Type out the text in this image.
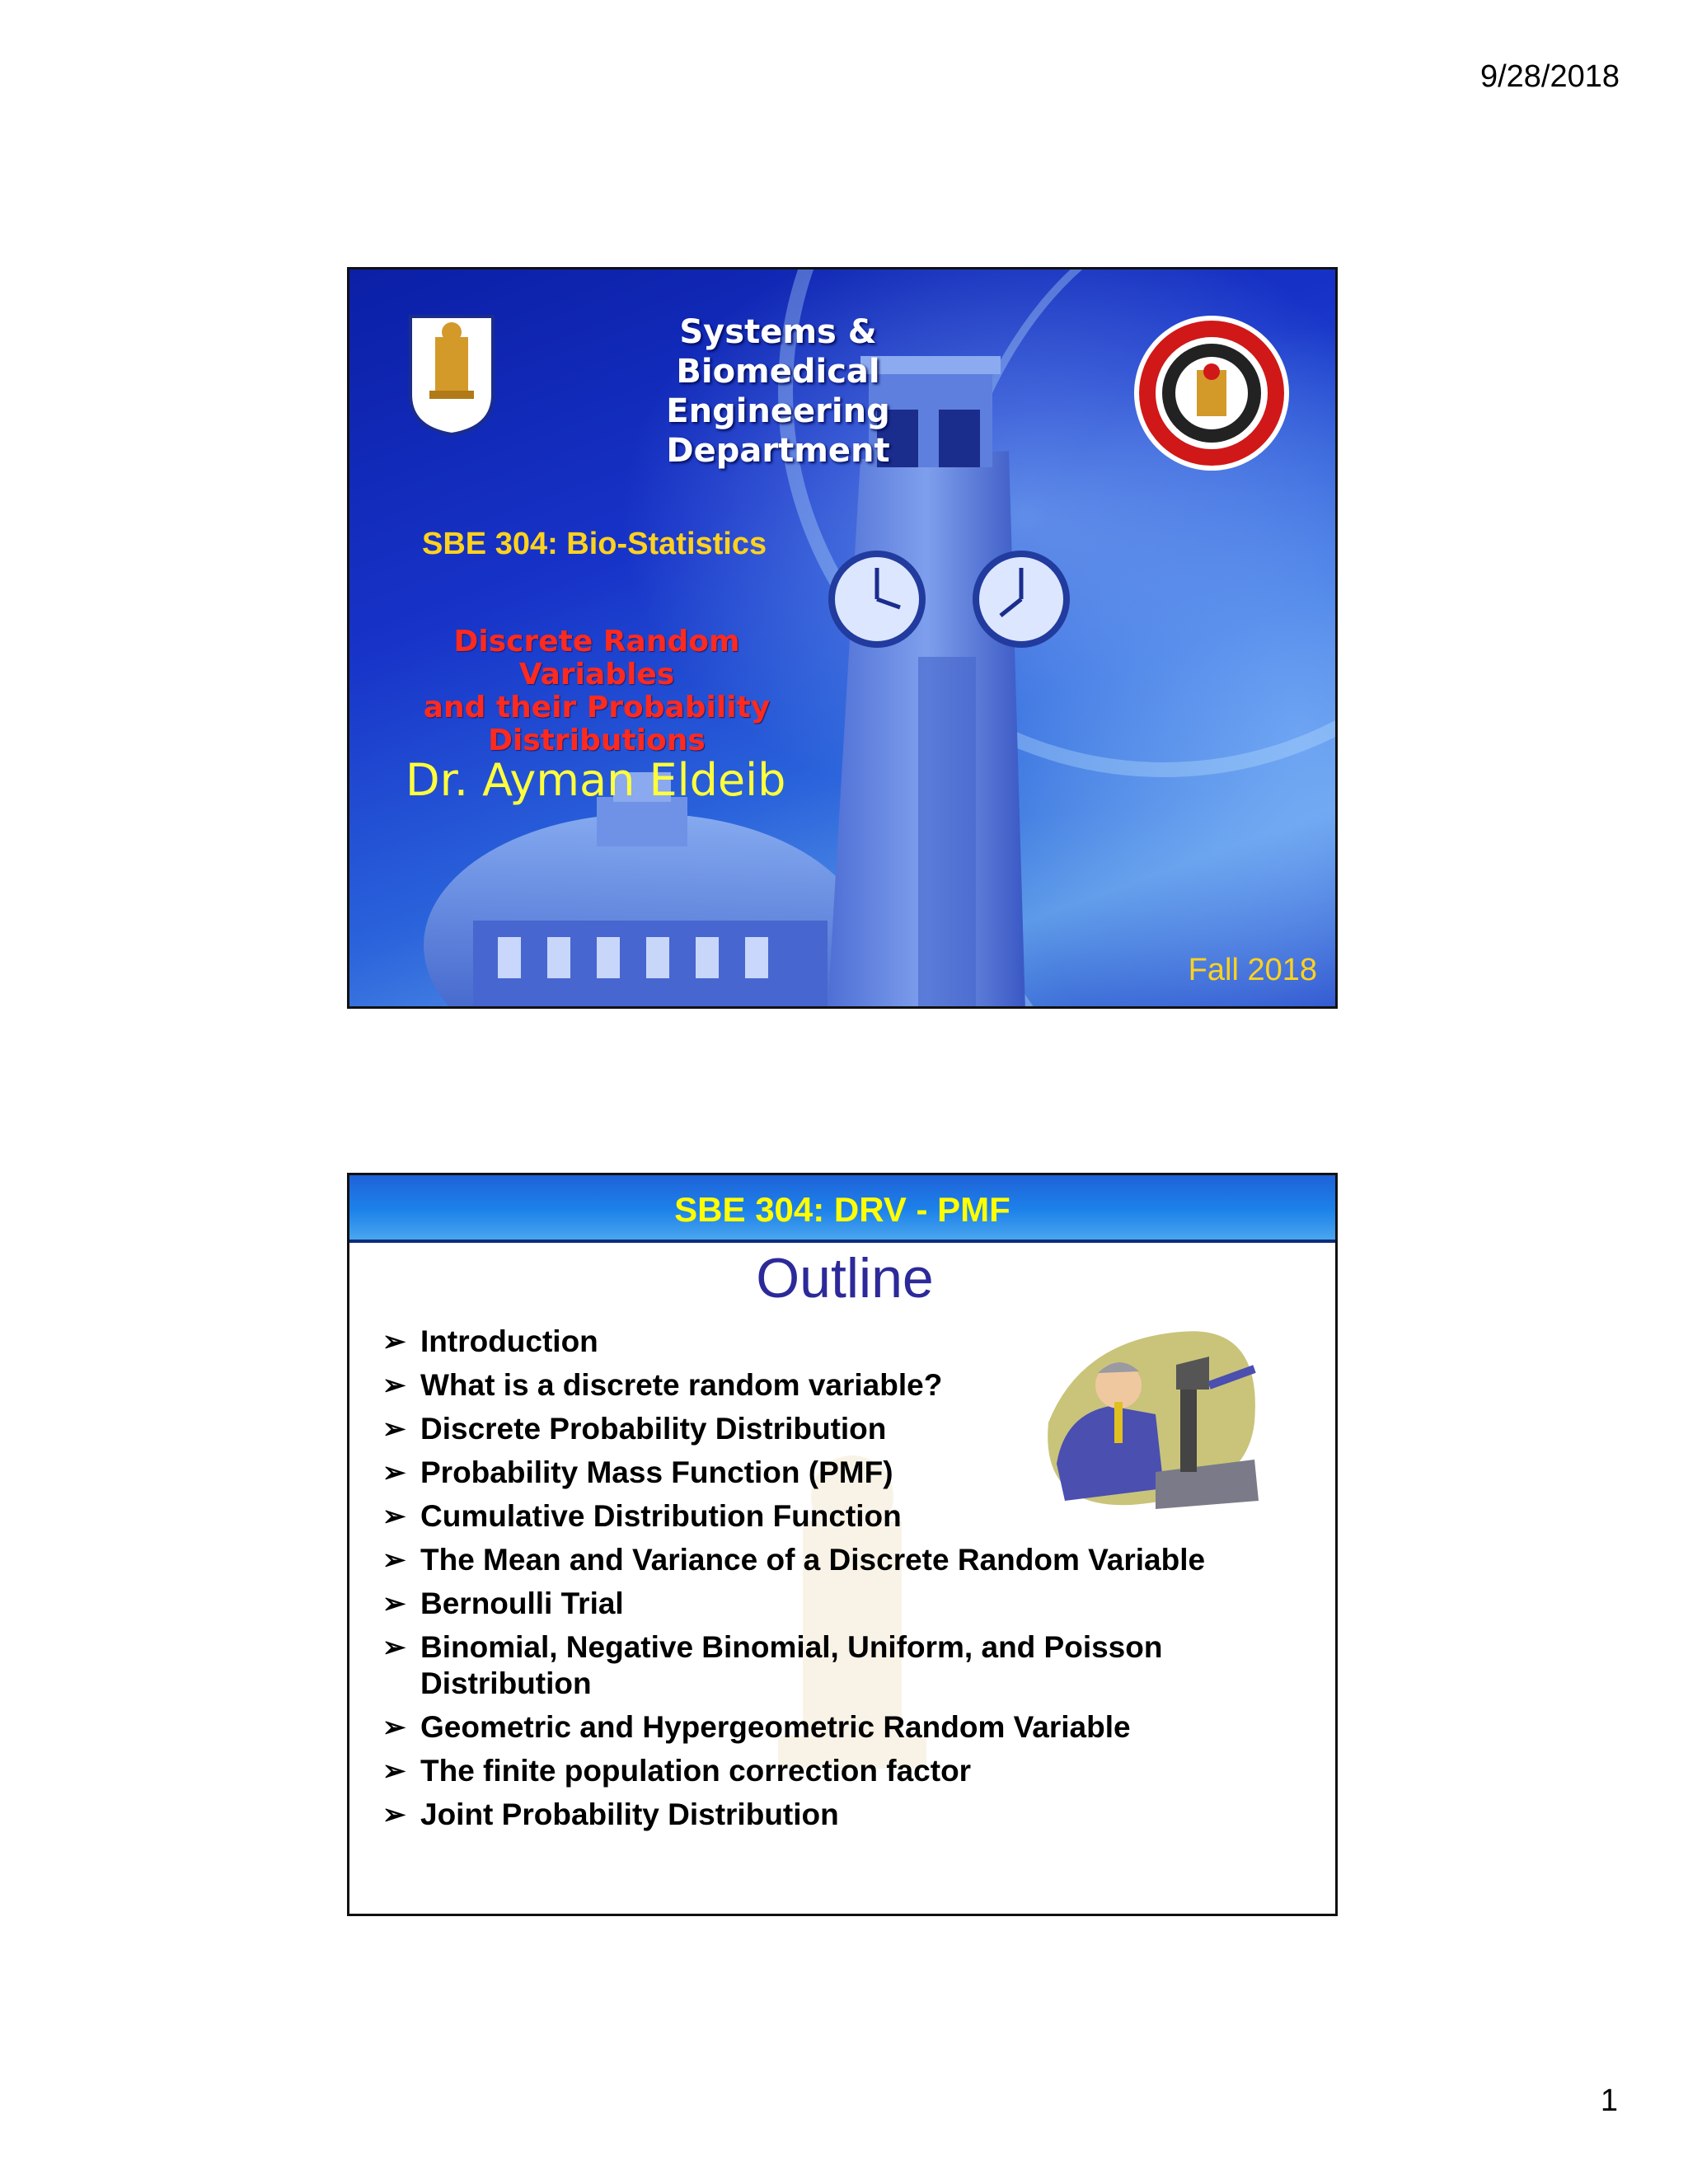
9/28/2018
Systems & Biomedical Engineering Department
SBE 304: Bio-Statistics
Discrete Random Variables
and their Probability
Distributions
Dr. Ayman Eldeib
Fall 2018
SBE 304: DRV - PMF
Outline
➢ Introduction
➢ What is a discrete random variable?
➢ Discrete Probability Distribution
➢ Probability Mass Function (PMF)
➢ Cumulative Distribution Function
➢ The Mean and Variance of a Discrete Random Variable
➢ Bernoulli Trial
➢ Binomial, Negative Binomial, Uniform, and Poisson Distribution
➢ Geometric and Hypergeometric Random Variable
➢ The finite population correction factor
➢ Joint Probability Distribution
1
